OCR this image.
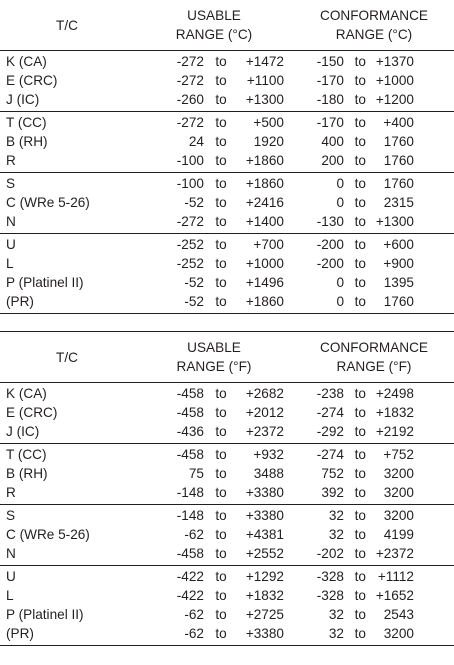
T/C
USABLE
RANGE (°C)
CONFORMANCE
RANGE (°C)
K (CA)	-272 to	+1472	-150 to +1370
E (CRC)	-272 to	+1100	-170 to +1000
J (IC)	-260 to	+1300	-180 to +1200
T (CC)	-272 to	+500	-170 to	+400
B (RH)	24 to	1920	400 to	1760
R	-100 to	+1860	200 to	1760
S	-100 to	+1860	0 to	1760
C (WRe 5-26)	-52 to	+2416	0 to	2315
N	-272 to	+1400	-130 to +1300
U	-252 to	+700	-200 to	+600
L	-252 to	+1000	-200 to	+900
P (Platinel II)	-52 to	+1496	0 to	1395
(PR)	-52 to	+1860	0 to	1760
T/C
USABLE
RANGE (°F)
CONFORMANCE
RANGE (°F)
K (CA)	-458 to	+2682	-238 to +2498
E (CRC)	-458 to	+2012	-274 to +1832
J (IC)	-436 to	+2372	-292 to +2192
T (CC)	-458 to	+932	-274 to	+752
B (RH)	75 to	3488	752 to	3200
R	-148 to	+3380	392 to	3200
S	-148 to	+3380	32 to	3200
C (WRe 5-26)	-62 to	+4381	32 to	4199
N	-458 to	+2552	-202 to +2372
U	-422 to	+1292	-328 to +1112
L	-422 to	+1832	-328 to +1652
P (Platinel II)	-62 to	+2725	32 to	2543
(PR)	-62 to	+3380	32 to	3200
